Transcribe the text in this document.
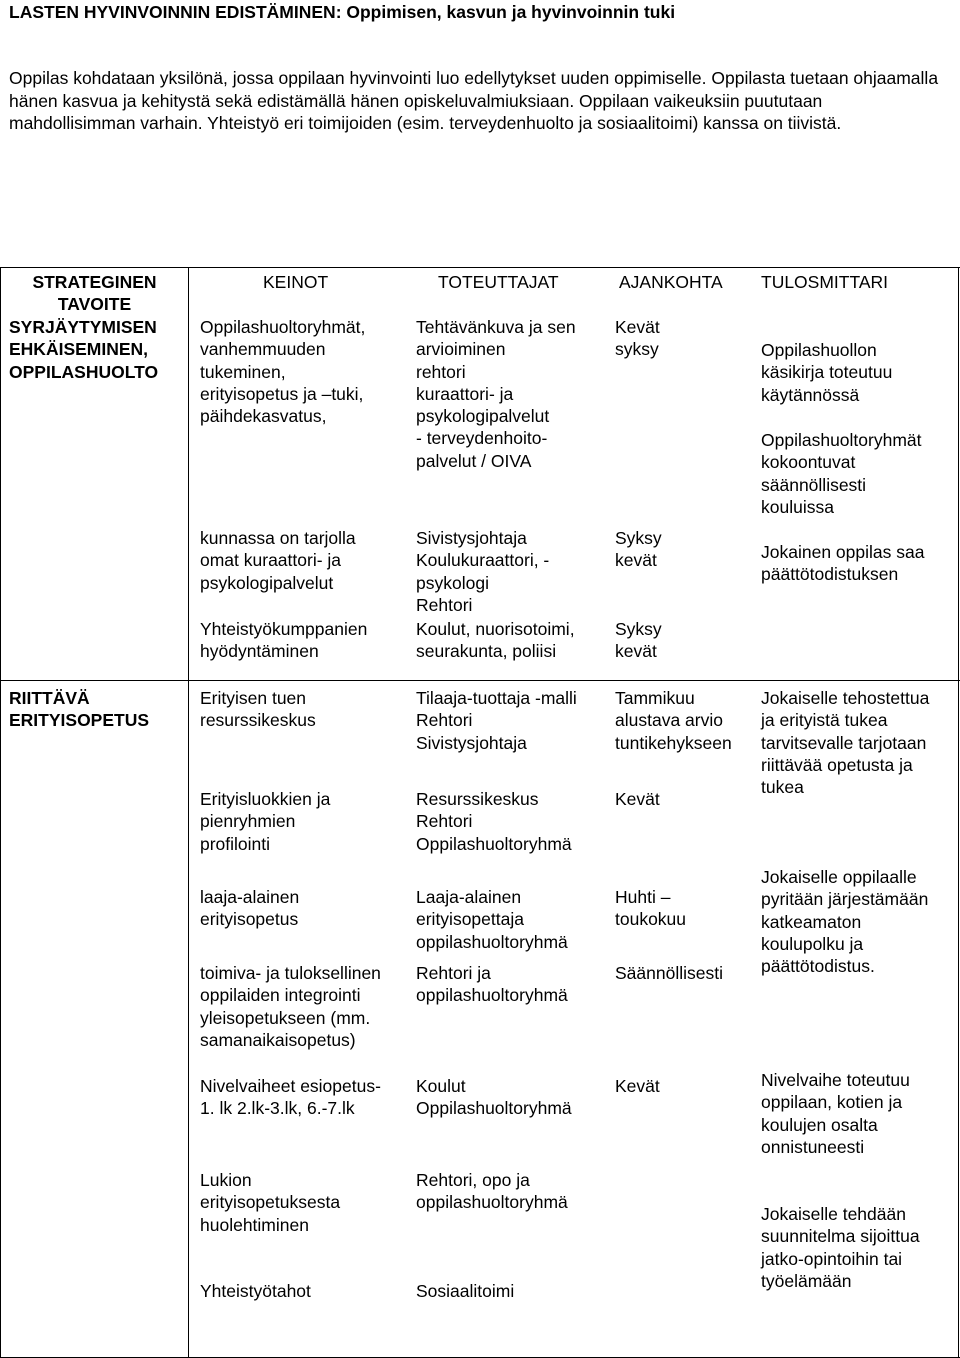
LASTEN HYVINVOINNIN EDISTÄMINEN: Oppimisen, kasvun ja hyvinvoinnin tuki
Oppilas kohdataan yksilönä, jossa oppilaan hyvinvointi luo edellytykset uuden oppimiselle. Oppilasta tuetaan ohjaamalla hänen kasvua ja kehitystä sekä edistämällä hänen opiskeluvalmiuksiaan. Oppilaan vaikeuksiin puututaan mahdollisimman varhain. Yhteistyö eri toimijoiden (esim. terveydenhuolto ja sosiaalitoimi) kanssa on tiivistä.
STRATEGINEN
TAVOITE
KEINOT	TOTEUTTAJAT	AJANKOHTA TULOSMITTARI
SYRJÄYTYMISEN
EHKÄISEMINEN,
OPPILASHUOLTO
Oppilashuoltoryhmät,
vanhemmuuden
tukeminen,
erityisopetus ja –tuki,
päihdekasvatus,
kunnassa on tarjolla
omat kuraattori- ja
psykologipalvelut
Yhteistyökumppanien
hyödyntäminen
Tehtävänkuva ja sen
arvioiminen
rehtori
kuraattori- ja
psykologipalvelut
- terveydenhoito-
palvelut / OIVA
Sivistysjohtaja
Koulukuraattori, -
psykologi
Rehtori
Koulut, nuorisotoimi,
seurakunta, poliisi
Kevät
syksy
Syksy
kevät
Syksy
kevät
Oppilashuollon
käsikirja toteutuu
käytännössä
Oppilashuoltoryhmät
kokoontuvat
säännöllisesti
kouluissa
Jokainen oppilas saa
päättötodistuksen
RIITTÄVÄ
ERITYISOPETUS
Erityisen tuen
resurssikeskus
Erityisluokkien ja
pienryhmien
profilointi
laaja-alainen
erityisopetus
toimiva- ja tuloksellinen
oppilaiden integrointi
yleisopetukseen (mm.
samanaikaisopetus)
Nivelvaiheet esiopetus-
1. lk 2.lk-3.lk, 6.-7.lk
Lukion
erityisopetuksesta
huolehtiminen
Yhteistyötahot
Tilaaja-tuottaja -malli
Rehtori
Sivistysjohtaja
Resurssikeskus
Rehtori
Oppilashuoltoryhmä
Laaja-alainen
erityisopettaja
oppilashuoltoryhmä
Rehtori ja
oppilashuoltoryhmä
Koulut
Oppilashuoltoryhmä
Rehtori, opo ja
oppilashuoltoryhmä
Sosiaalitoimi
Tammikuu
alustava arvio
tuntikehykseen
Kevät
Huhti –
toukokuu
Säännöllisesti
Kevät
Jokaiselle tehostettua
ja erityistä tukea
tarvitsevalle tarjotaan
riittävää opetusta ja
tukea
Jokaiselle oppilaalle
pyritään järjestämään
katkeamaton
koulupolku ja
päättötodistus.
Nivelvaihe toteutuu
oppilaan, kotien ja
koulujen osalta
onnistuneesti
Jokaiselle tehdään
suunnitelma sijoittua
jatko-opintoihin tai
työelämään
